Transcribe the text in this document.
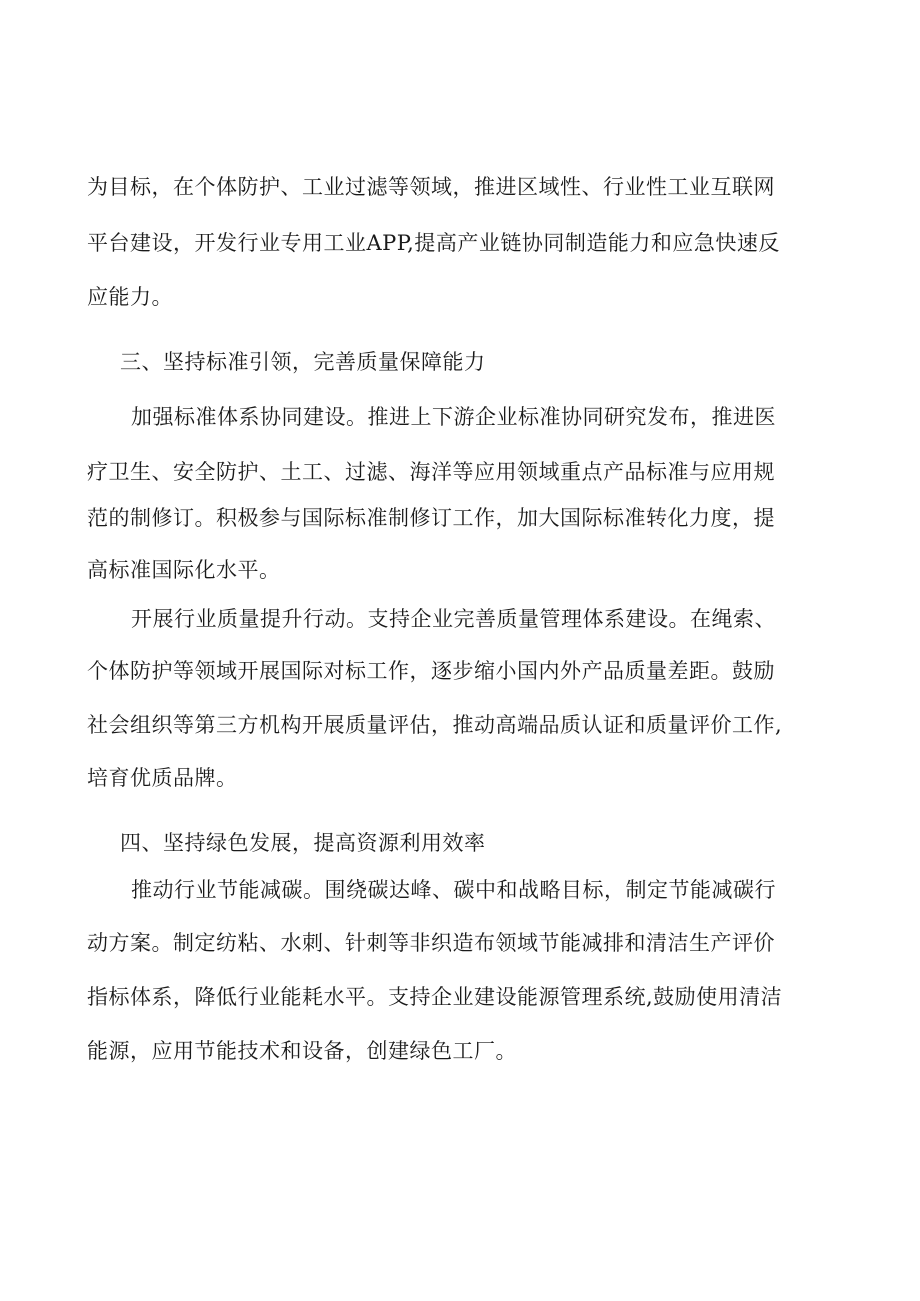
为目标，在个体防护、工业过滤等领域，推进区域性、行业性工业互联网
平台建设，开发行业专用工业APP,提高产业链协同制造能力和应急快速反
应能力。
三、坚持标准引领，完善质量保障能力
加强标准体系协同建设。推进上下游企业标准协同研究发布，推进医
疗卫生、安全防护、土工、过滤、海洋等应用领域重点产品标准与应用规
范的制修订。积极参与国际标准制修订工作，加大国际标准转化力度，提
高标准国际化水平。
开展行业质量提升行动。支持企业完善质量管理体系建设。在绳索、
个体防护等领域开展国际对标工作，逐步缩小国内外产品质量差距。鼓励
社会组织等第三方机构开展质量评估，推动高端品质认证和质量评价工作,
培育优质品牌。
四、坚持绿色发展，提高资源利用效率
推动行业节能减碳。围绕碳达峰、碳中和战略目标，制定节能减碳行
动方案。制定纺粘、水刺、针刺等非织造布领域节能减排和清洁生产评价
指标体系，降低行业能耗水平。支持企业建设能源管理系统,鼓励使用清洁
能源，应用节能技术和设备，创建绿色工厂。
